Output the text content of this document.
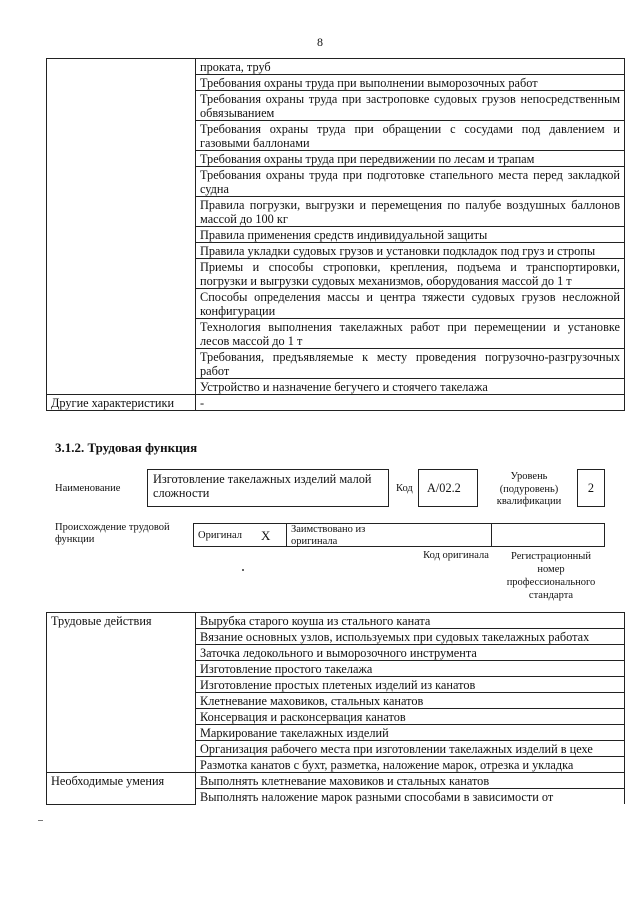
8
	проката, труб
	Требования охраны труда при выполнении выморозочных работ
	Требования охраны труда при застроповке судовых грузов непосредственным обвязыванием
	Требования охраны труда при обращении с сосудами под давлением и газовыми баллонами
	Требования охраны труда при передвижении по лесам и трапам
	Требования охраны труда при подготовке стапельного места перед закладкой судна
	Правила погрузки, выгрузки и перемещения по палубе воздушных баллонов массой до 100 кг
	Правила применения средств индивидуальной защиты
	Правила укладки судовых грузов и установки подкладок под груз и стропы
	Приемы и способы строповки, крепления, подъема и транспортировки, погрузки и выгрузки судовых механизмов, оборудования массой до 1 т
	Способы определения массы и центра тяжести судовых грузов несложной конфигурации
	Технология выполнения такелажных работ при перемещении и установке лесов массой до 1 т
	Требования, предъявляемые к месту проведения погрузочно-разгрузочных работ
	Устройство и назначение бегучего и стоячего такелажа
Другие характеристики	-
3.1.2. Трудовая функция
Наименование
Изготовление такелажных изделий малой сложности	Код	А/02.2
Уровень (подуровень) квалификации
2
Происхождение трудовой функции	Оригинал X Заимствовано из оригинала
Код оригинала	Регистрационный номер профессионального стандарта
Трудовые действия	Вырубка старого коуша из стального каната
	Вязание основных узлов, используемых при судовых такелажных работах
	Заточка ледокольного и выморозочного инструмента
	Изготовление простого такелажа
	Изготовление простых плетеных изделий из канатов
	Клетневание маховиков, стальных канатов
	Консервация и расконсервация канатов
	Маркирование такелажных изделий
	Организация рабочего места при изготовлении такелажных изделий в цехе
	Размотка канатов с бухт, разметка, наложение марок, отрезка и укладка
Необходимые умения	Выполнять клетневание маховиков и стальных канатов
	Выполнять наложение марок разными способами в зависимости от
